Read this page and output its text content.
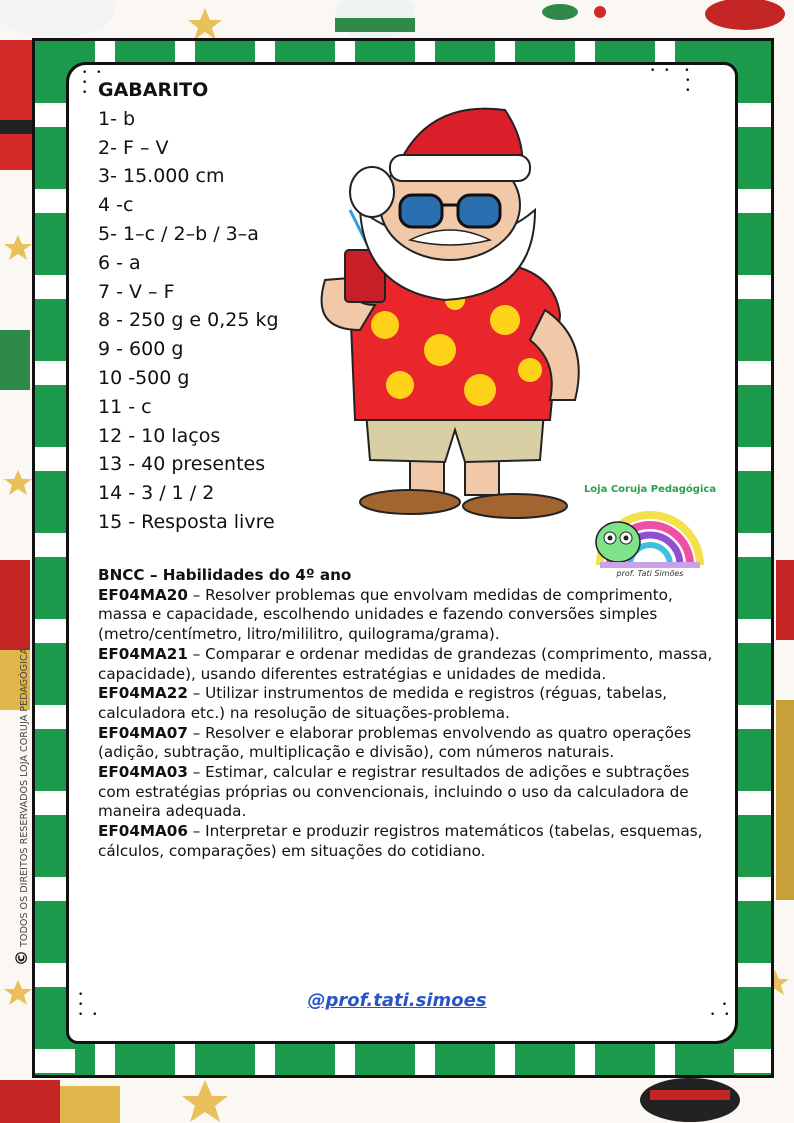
• •
•
•
• •  •
•
•
•
•
• •
•
• •
GABARITO
1- b
2- F – V
3- 15.000 cm
4 -c
5- 1–c / 2–b / 3–a
6 - a
7 - V – F
8 - 250 g e 0,25 kg
9 - 600 g
10 -500 g
11 - c
12 - 10 laços
13 - 40 presentes
14 - 3 / 1 / 2
15 - Resposta livre
prof. Tati Simões
Loja Coruja Pedagógica

BNCC – Habilidades do 4º ano

EF04MA20 – Resolver problemas que envolvam medidas de comprimento, massa e capacidade, escolhendo unidades e fazendo conversões simples (metro/centímetro, litro/mililitro, quilograma/grama).

EF04MA21 – Comparar e ordenar medidas de grandezas (comprimento, massa, capacidade), usando diferentes estratégias e unidades de medida.

EF04MA22 – Utilizar instrumentos de medida e registros (réguas, tabelas, calculadora etc.) na resolução de situações-problema.

EF04MA07 – Resolver e elaborar problemas envolvendo as quatro operações (adição, subtração, multiplicação e divisão), com números naturais.

EF04MA03 – Estimar, calcular e registrar resultados de adições e subtrações com estratégias próprias ou convencionais, incluindo o uso da calculadora de maneira adequada.

EF04MA06 – Interpretar e produzir registros matemáticos (tabelas, esquemas, cálculos, comparações) em situações do cotidiano.

@prof.tati.simoes
© TODOS OS DIREITOS RESERVADOS LOJA CORUJA PEDAGÓGICA
